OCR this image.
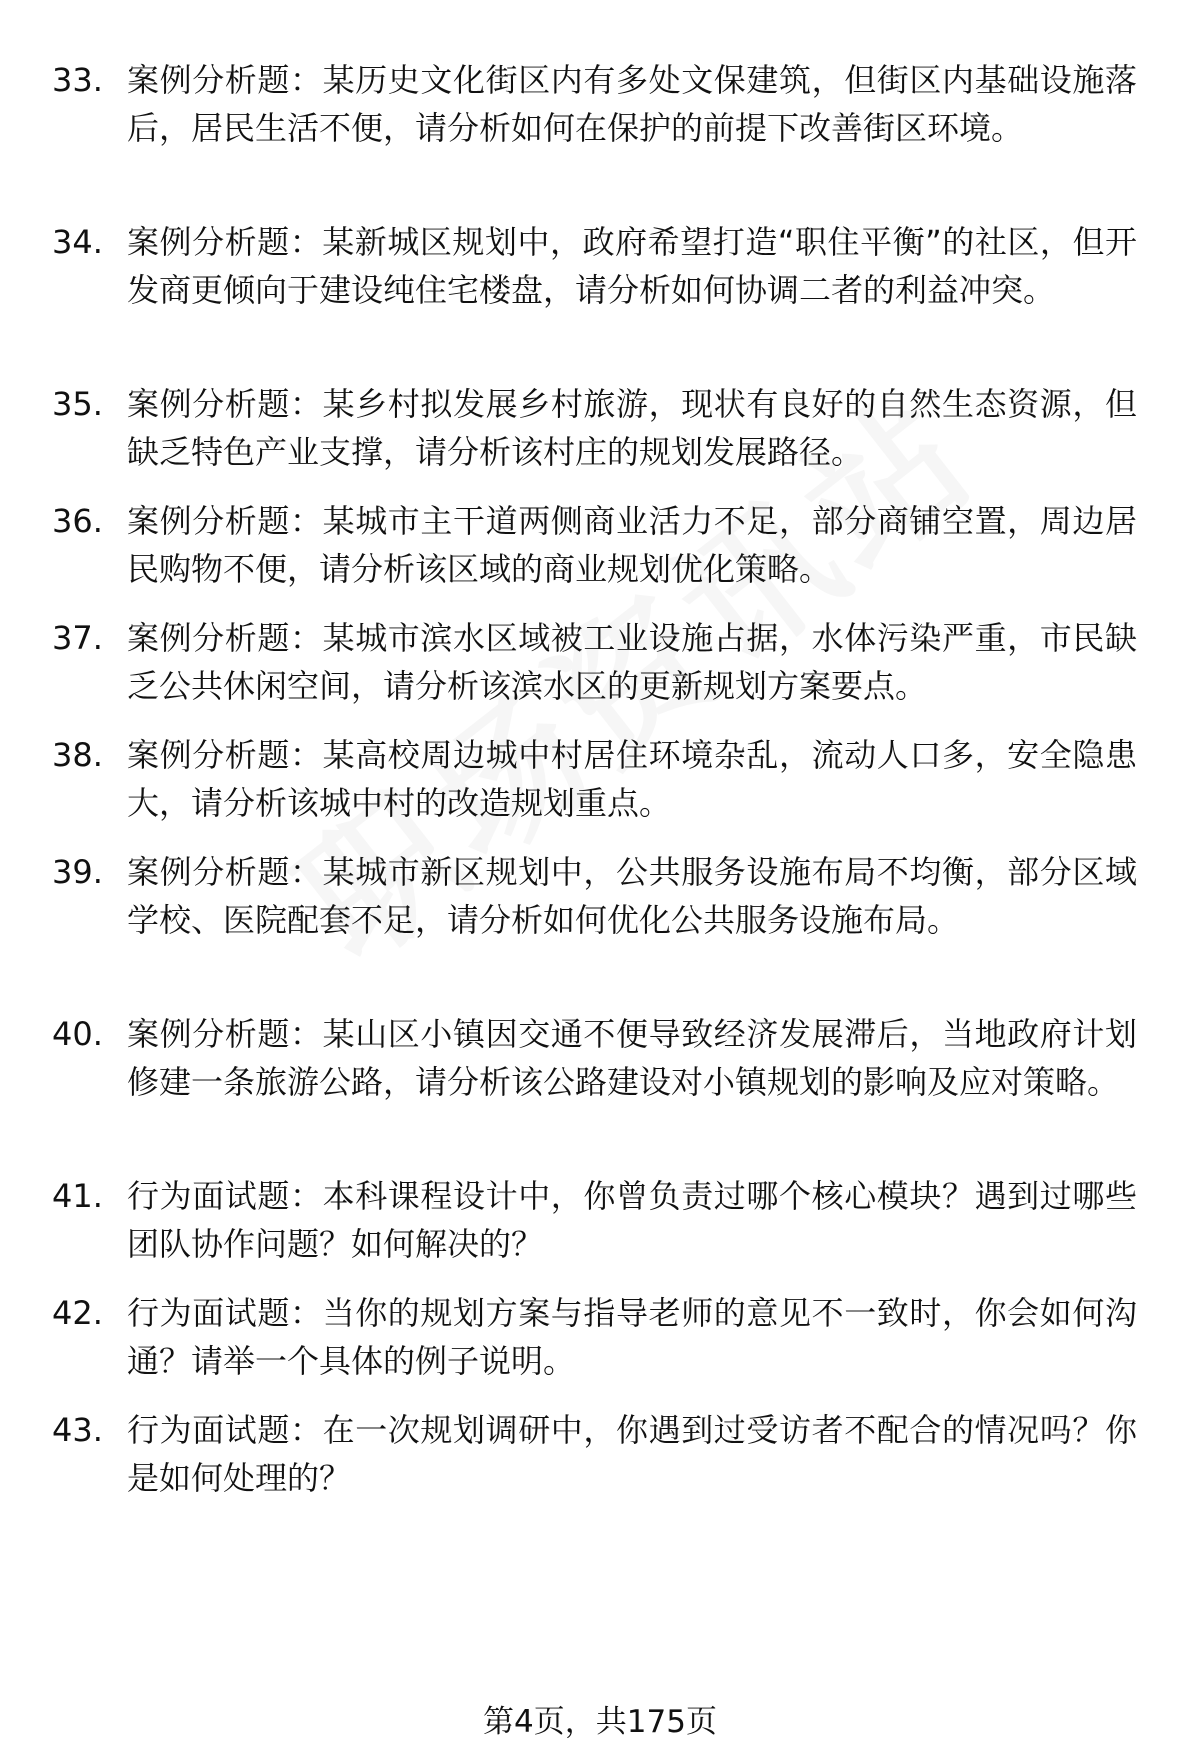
33. 案例分析题：某历史文化街区内有多处文保建筑，但街区内基础设施落后，居民生活不便，请分析如何在保护的前提下改善街区环境。
34. 案例分析题：某新城区规划中，政府希望打造“职住平衡”的社区，但开发商更倾向于建设纯住宅楼盘，请分析如何协调二者的利益冲突。
35. 案例分析题：某乡村拟发展乡村旅游，现状有良好的自然生态资源，但缺乏特色产业支撑，请分析该村庄的规划发展路径。
36. 案例分析题：某城市主干道两侧商业活力不足，部分商铺空置，周边居民购物不便，请分析该区域的商业规划优化策略。
37. 案例分析题：某城市滨水区域被工业设施占据，水体污染严重，市民缺乏公共休闲空间，请分析该滨水区的更新规划方案要点。
38. 案例分析题：某高校周边城中村居住环境杂乱，流动人口多，安全隐患大，请分析该城中村的改造规划重点。
39. 案例分析题：某城市新区规划中，公共服务设施布局不均衡，部分区域学校、医院配套不足，请分析如何优化公共服务设施布局。
40. 案例分析题：某山区小镇因交通不便导致经济发展滞后，当地政府计划修建一条旅游公路，请分析该公路建设对小镇规划的影响及应对策略。
41. 行为面试题：本科课程设计中，你曾负责过哪个核心模块？遇到过哪些团队协作问题？如何解决的？
42. 行为面试题：当你的规划方案与指导老师的意见不一致时，你会如何沟通？请举一个具体的例子说明。
43. 行为面试题：在一次规划调研中，你遇到过受访者不配合的情况吗？你是如何处理的？
第4页，共175页
